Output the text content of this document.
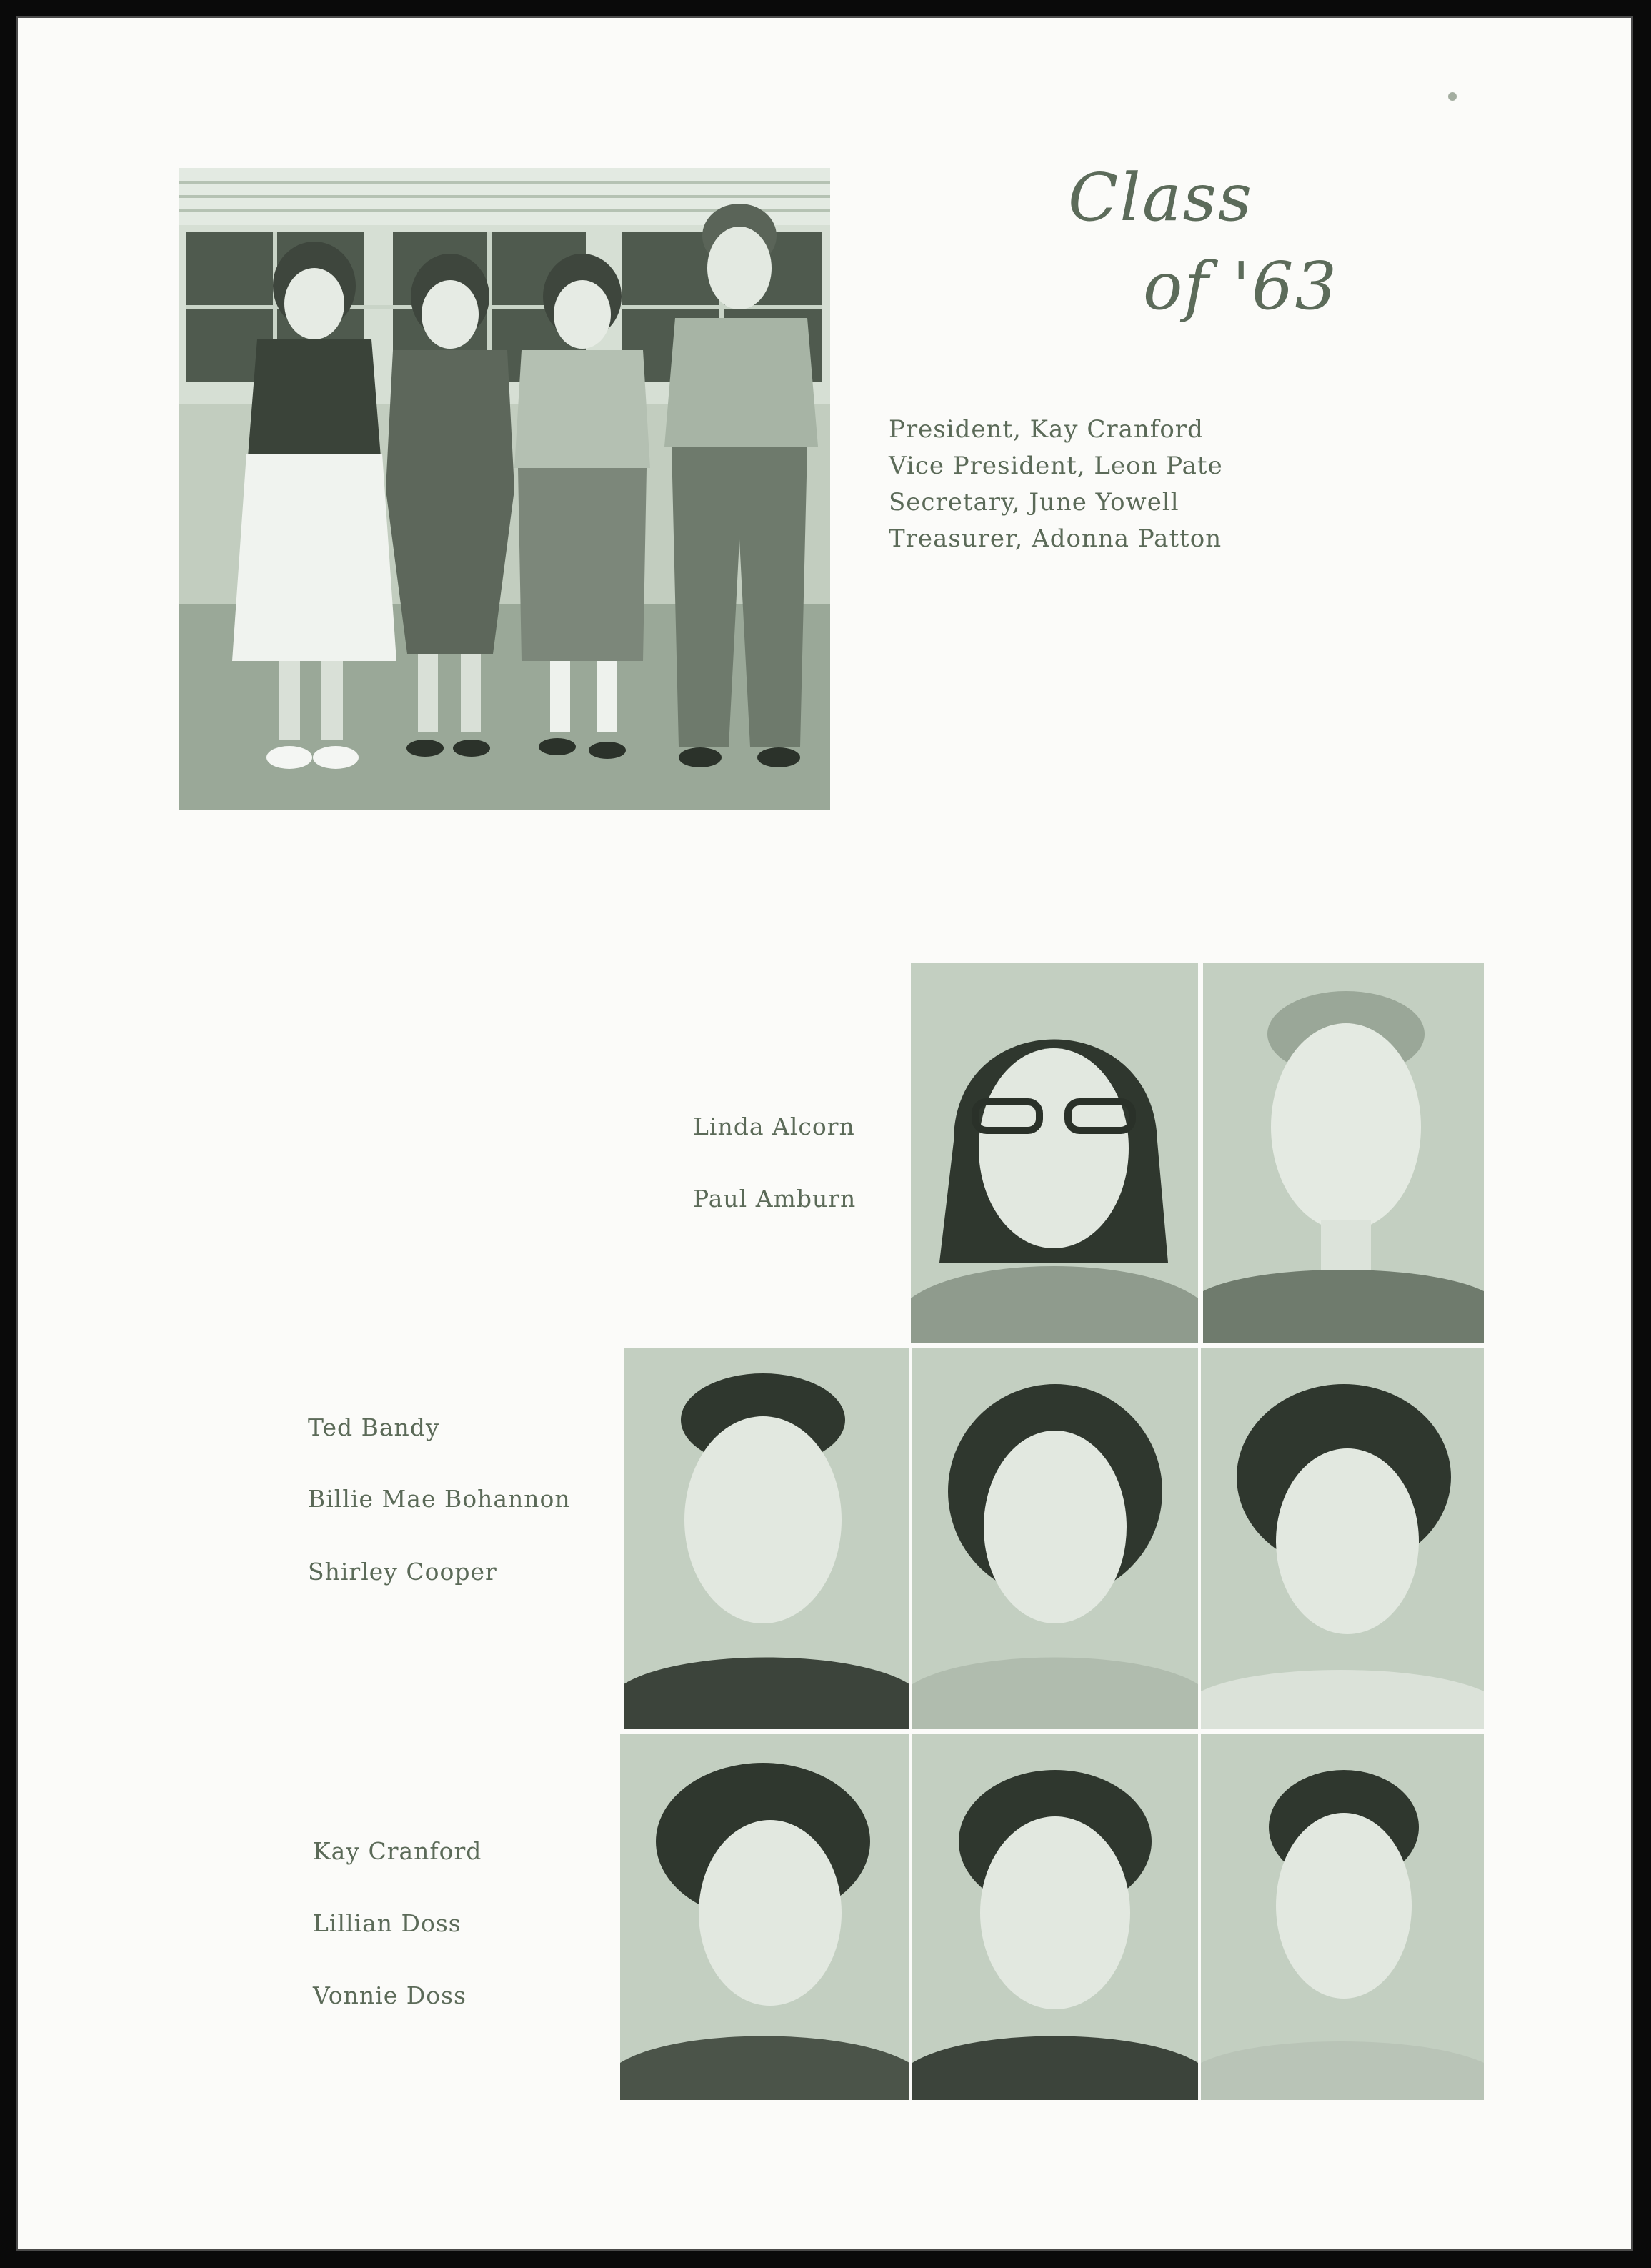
Class
of '63
President, Kay Cranford
Vice President, Leon Pate
Secretary, June Yowell
Treasurer, Adonna Patton
Linda Alcorn
Paul Amburn
Ted Bandy
Billie Mae Bohannon
Shirley Cooper
Kay Cranford
Lillian Doss
Vonnie Doss
